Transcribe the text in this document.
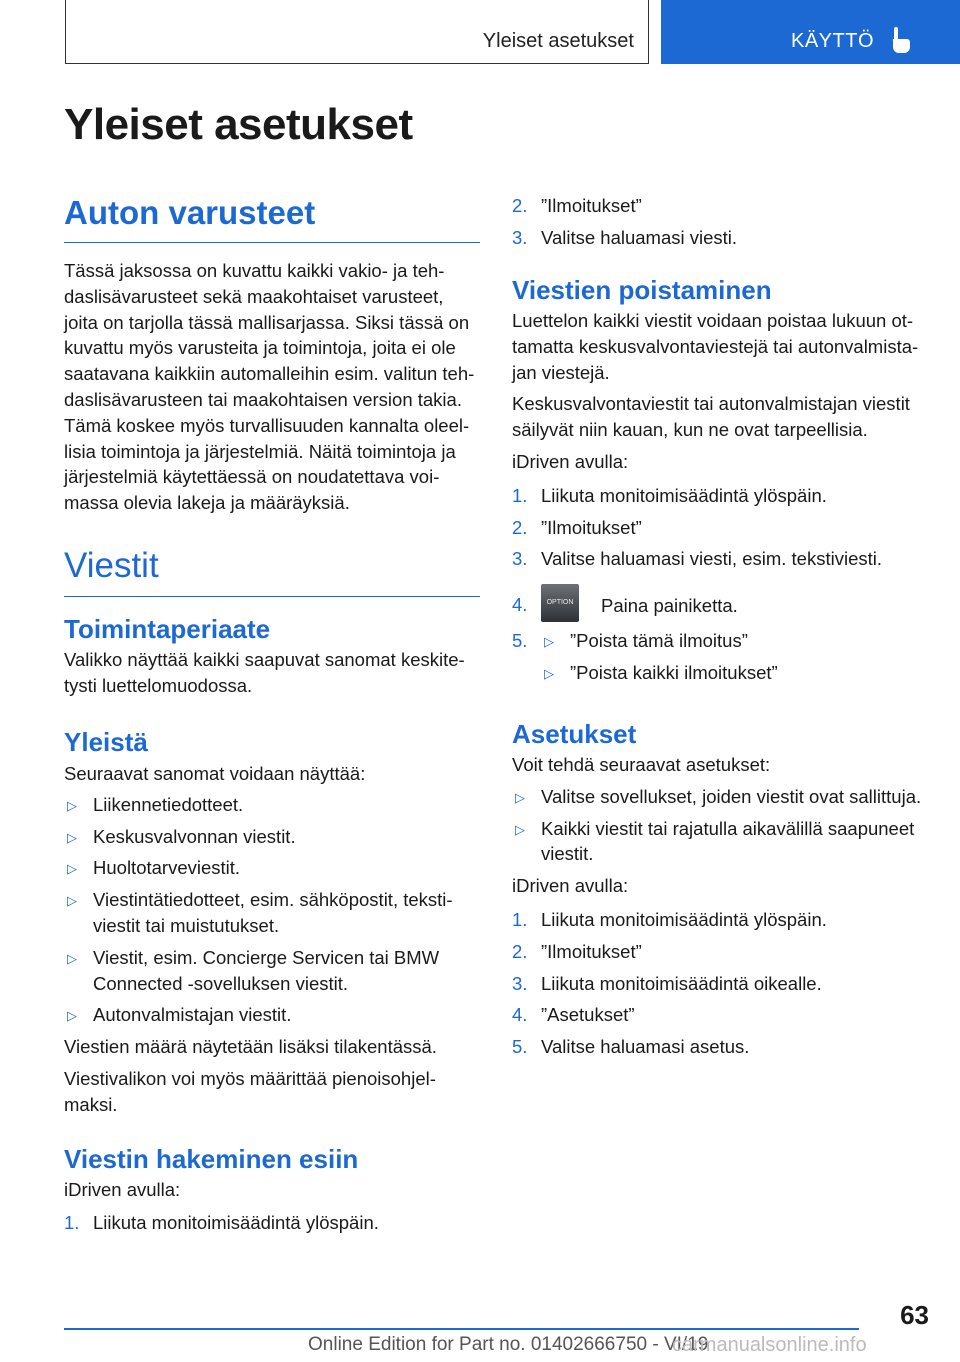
Yleiset asetukset	KÄYTTÖ
Yleiset asetukset
Auton varusteet

Tässä jaksossa on kuvattu kaikki vakio- ja tehdaslisävarusteet sekä maakohtaiset varusteet, joita on tarjolla tässä mallisarjassa. Siksi tässä on kuvattu myös varusteita ja toimintoja, joita ei ole saatavana kaikkiin automalleihin esim. valitun tehdaslisävarusteen tai maakohtaisen version takia. Tämä koskee myös turvallisuuden kannalta oleellisia toimintoja ja järjestelmiä. Näitä toimintoja ja järjestelmiä käytettäessä on noudatettava voimassa olevia lakeja ja määräyksiä.

Viestit
Toimintaperiaate

Valikko näyttää kaikki saapuvat sanomat keskitetysti luettelomuodossa.

Yleistä

Seuraavat sanomat voidaan näyttää:

▷ Liikennetiedotteet.
▷ Keskusvalvonnan viestit.
▷ Huoltotarveviestit.
▷ Viestintätiedotteet, esim. sähköpostit, tekstiviestit tai muistutukset.
▷ Viestit, esim. Concierge Servicen tai BMW Connected -sovelluksen viestit.
▷ Autonvalmistajan viestit.

Viestien määrä näytetään lisäksi tilakentässä.

Viestivalikon voi myös määrittää pienoisohjelmaksi.

Viestin hakeminen esiin

iDriven avulla:

1. Liikuta monitoimisäädintä ylöspäin.
2. ”Ilmoitukset”
3. Valitse haluamasi viesti.
Viestien poistaminen

Luettelon kaikki viestit voidaan poistaa lukuun ottamatta keskusvalvontaviestejä tai autonvalmistajan viestejä.

Keskusvalvontaviestit tai autonvalmistajan viestit säilyvät niin kauan, kun ne ovat tarpeellisia.

iDriven avulla:

1. Liikuta monitoimisäädintä ylöspäin.
2. ”Ilmoitukset”
3. Valitse haluamasi viesti, esim. tekstiviesti.
4.	OPTION Paina painiketta.
5. ▷ ”Poista tämä ilmoitus”
▷ ”Poista kaikki ilmoitukset”
Asetukset

Voit tehdä seuraavat asetukset:

▷ Valitse sovellukset, joiden viestit ovat sallittuja.
▷ Kaikki viestit tai rajatulla aikavälillä saapuneet viestit.

iDriven avulla:

1. Liikuta monitoimisäädintä ylöspäin.
2. ”Ilmoitukset”
3. Liikuta monitoimisäädintä oikealle.
4. ”Asetukset”
5. Valitse haluamasi asetus.
63
Online Edition for Part no. 01402666750 - VI/19
carmanualsonline.info
